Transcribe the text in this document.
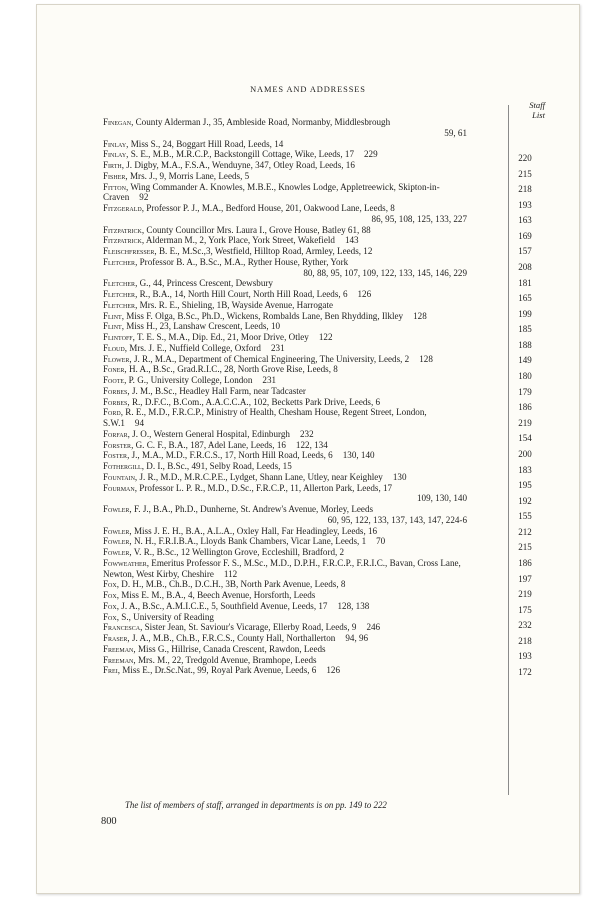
NAMES AND ADDRESSES
Staff
List
Finegan, County Alderman J., 35, Ambleside Road, Normanby, Middlesbrough
59, 61
Finlay, Miss S., 24, Boggart Hill Road, Leeds, 14
Finlay, S. E., M.B., M.R.C.P., Backstongill Cottage, Wike, Leeds, 17 229
Firth, J. Digby, M.A., F.S.A., Wenduyne, 347, Otley Road, Leeds, 16
Fisher, Mrs. J., 9, Morris Lane, Leeds, 5
Fitton, Wing Commander A. Knowles, M.B.E., Knowles Lodge, Appletreewick, Skipton-in-Craven 92
Fitzgerald, Professor P. J., M.A., Bedford House, 201, Oakwood Lane, Leeds, 8
86, 95, 108, 125, 133, 227
Fitzpatrick, County Councillor Mrs. Laura I., Grove House, Batley 61, 88
Fitzpatrick, Alderman M., 2, York Place, York Street, Wakefield 143
Fleischfresser, B. E., M.Sc.,3, Westfield, Hilltop Road, Armley, Leeds, 12
Fletcher, Professor B. A., B.Sc., M.A., Ryther House, Ryther, York
80, 88, 95, 107, 109, 122, 133, 145, 146, 229
Fletcher, G., 44, Princess Crescent, Dewsbury
Fletcher, R., B.A., 14, North Hill Court, North Hill Road, Leeds, 6 126
Fletcher, Mrs. R. E., Shieling, 1B, Wayside Avenue, Harrogate
Flint, Miss F. Olga, B.Sc., Ph.D., Wickens, Rombalds Lane, Ben Rhydding, Ilkley 128
Flint, Miss H., 23, Lanshaw Crescent, Leeds, 10
Flintoff, T. E. S., M.A., Dip. Ed., 21, Moor Drive, Otley 122
Floud, Mrs. J. E., Nuffield College, Oxford 231
Flower, J. R., M.A., Department of Chemical Engineering, The University, Leeds, 2 128
Foner, H. A., B.Sc., Grad.R.I.C., 28, North Grove Rise, Leeds, 8
Foote, P. G., University College, London 231
Forbes, J. M., B.Sc., Headley Hall Farm, near Tadcaster
Forbes, R., D.F.C., B.Com., A.A.C.C.A., 102, Becketts Park Drive, Leeds, 6
Ford, R. E., M.D., F.R.C.P., Ministry of Health, Chesham House, Regent Street, London, S.W.1 94
Forfar, J. O., Western General Hospital, Edinburgh 232
Forster, G. C. F., B.A., 187, Adel Lane, Leeds, 16 122, 134
Foster, J., M.A., M.D., F.R.C.S., 17, North Hill Road, Leeds, 6 130, 140
Fothergill, D. I., B.Sc., 491, Selby Road, Leeds, 15
Fountain, J. R., M.D., M.R.C.P.E., Lydget, Shann Lane, Utley, near Keighley 130
Fourman, Professor L. P. R., M.D., D.Sc., F.R.C.P., 11, Allerton Park, Leeds, 17
109, 130, 140
Fowler, F. J., B.A., Ph.D., Dunherne, St. Andrew's Avenue, Morley, Leeds
60, 95, 122, 133, 137, 143, 147, 224-6
Fowler, Miss J. E. H., B.A., A.L.A., Oxley Hall, Far Headingley, Leeds, 16
Fowler, N. H., F.R.I.B.A., Lloyds Bank Chambers, Vicar Lane, Leeds, 1 70
Fowler, V. R., B.Sc., 12 Wellington Grove, Eccleshill, Bradford, 2
Fowweather, Emeritus Professor F. S., M.Sc., M.D., D.P.H., F.R.C.P., F.R.I.C., Bavan, Cross Lane, Newton, West Kirby, Cheshire 112
Fox, D. H., M.B., Ch.B., D.C.H., 3B, North Park Avenue, Leeds, 8
Fox, Miss E. M., B.A., 4, Beech Avenue, Horsforth, Leeds
Fox, J. A., B.Sc., A.M.I.C.E., 5, Southfield Avenue, Leeds, 17 128, 138
Fox, S., University of Reading
Francesca, Sister Jean, St. Saviour's Vicarage, Ellerby Road, Leeds, 9 246
Fraser, J. A., M.B., Ch.B., F.R.C.S., County Hall, Northallerton 94, 96
Freeman, Miss G., Hillrise, Canada Crescent, Rawdon, Leeds
Freeman, Mrs. M., 22, Tredgold Avenue, Bramhope, Leeds
Frei, Miss E., Dr.Sc.Nat., 99, Royal Park Avenue, Leeds, 6 126
The list of members of staff, arranged in departments is on pp. 149 to 222
800
220
215
218
193
163
169
157
208
181
165
199
185
188
149
180
179
186
219
154
200
183
195
192
155
212
215
186
197
219
175
232
218
193
172
